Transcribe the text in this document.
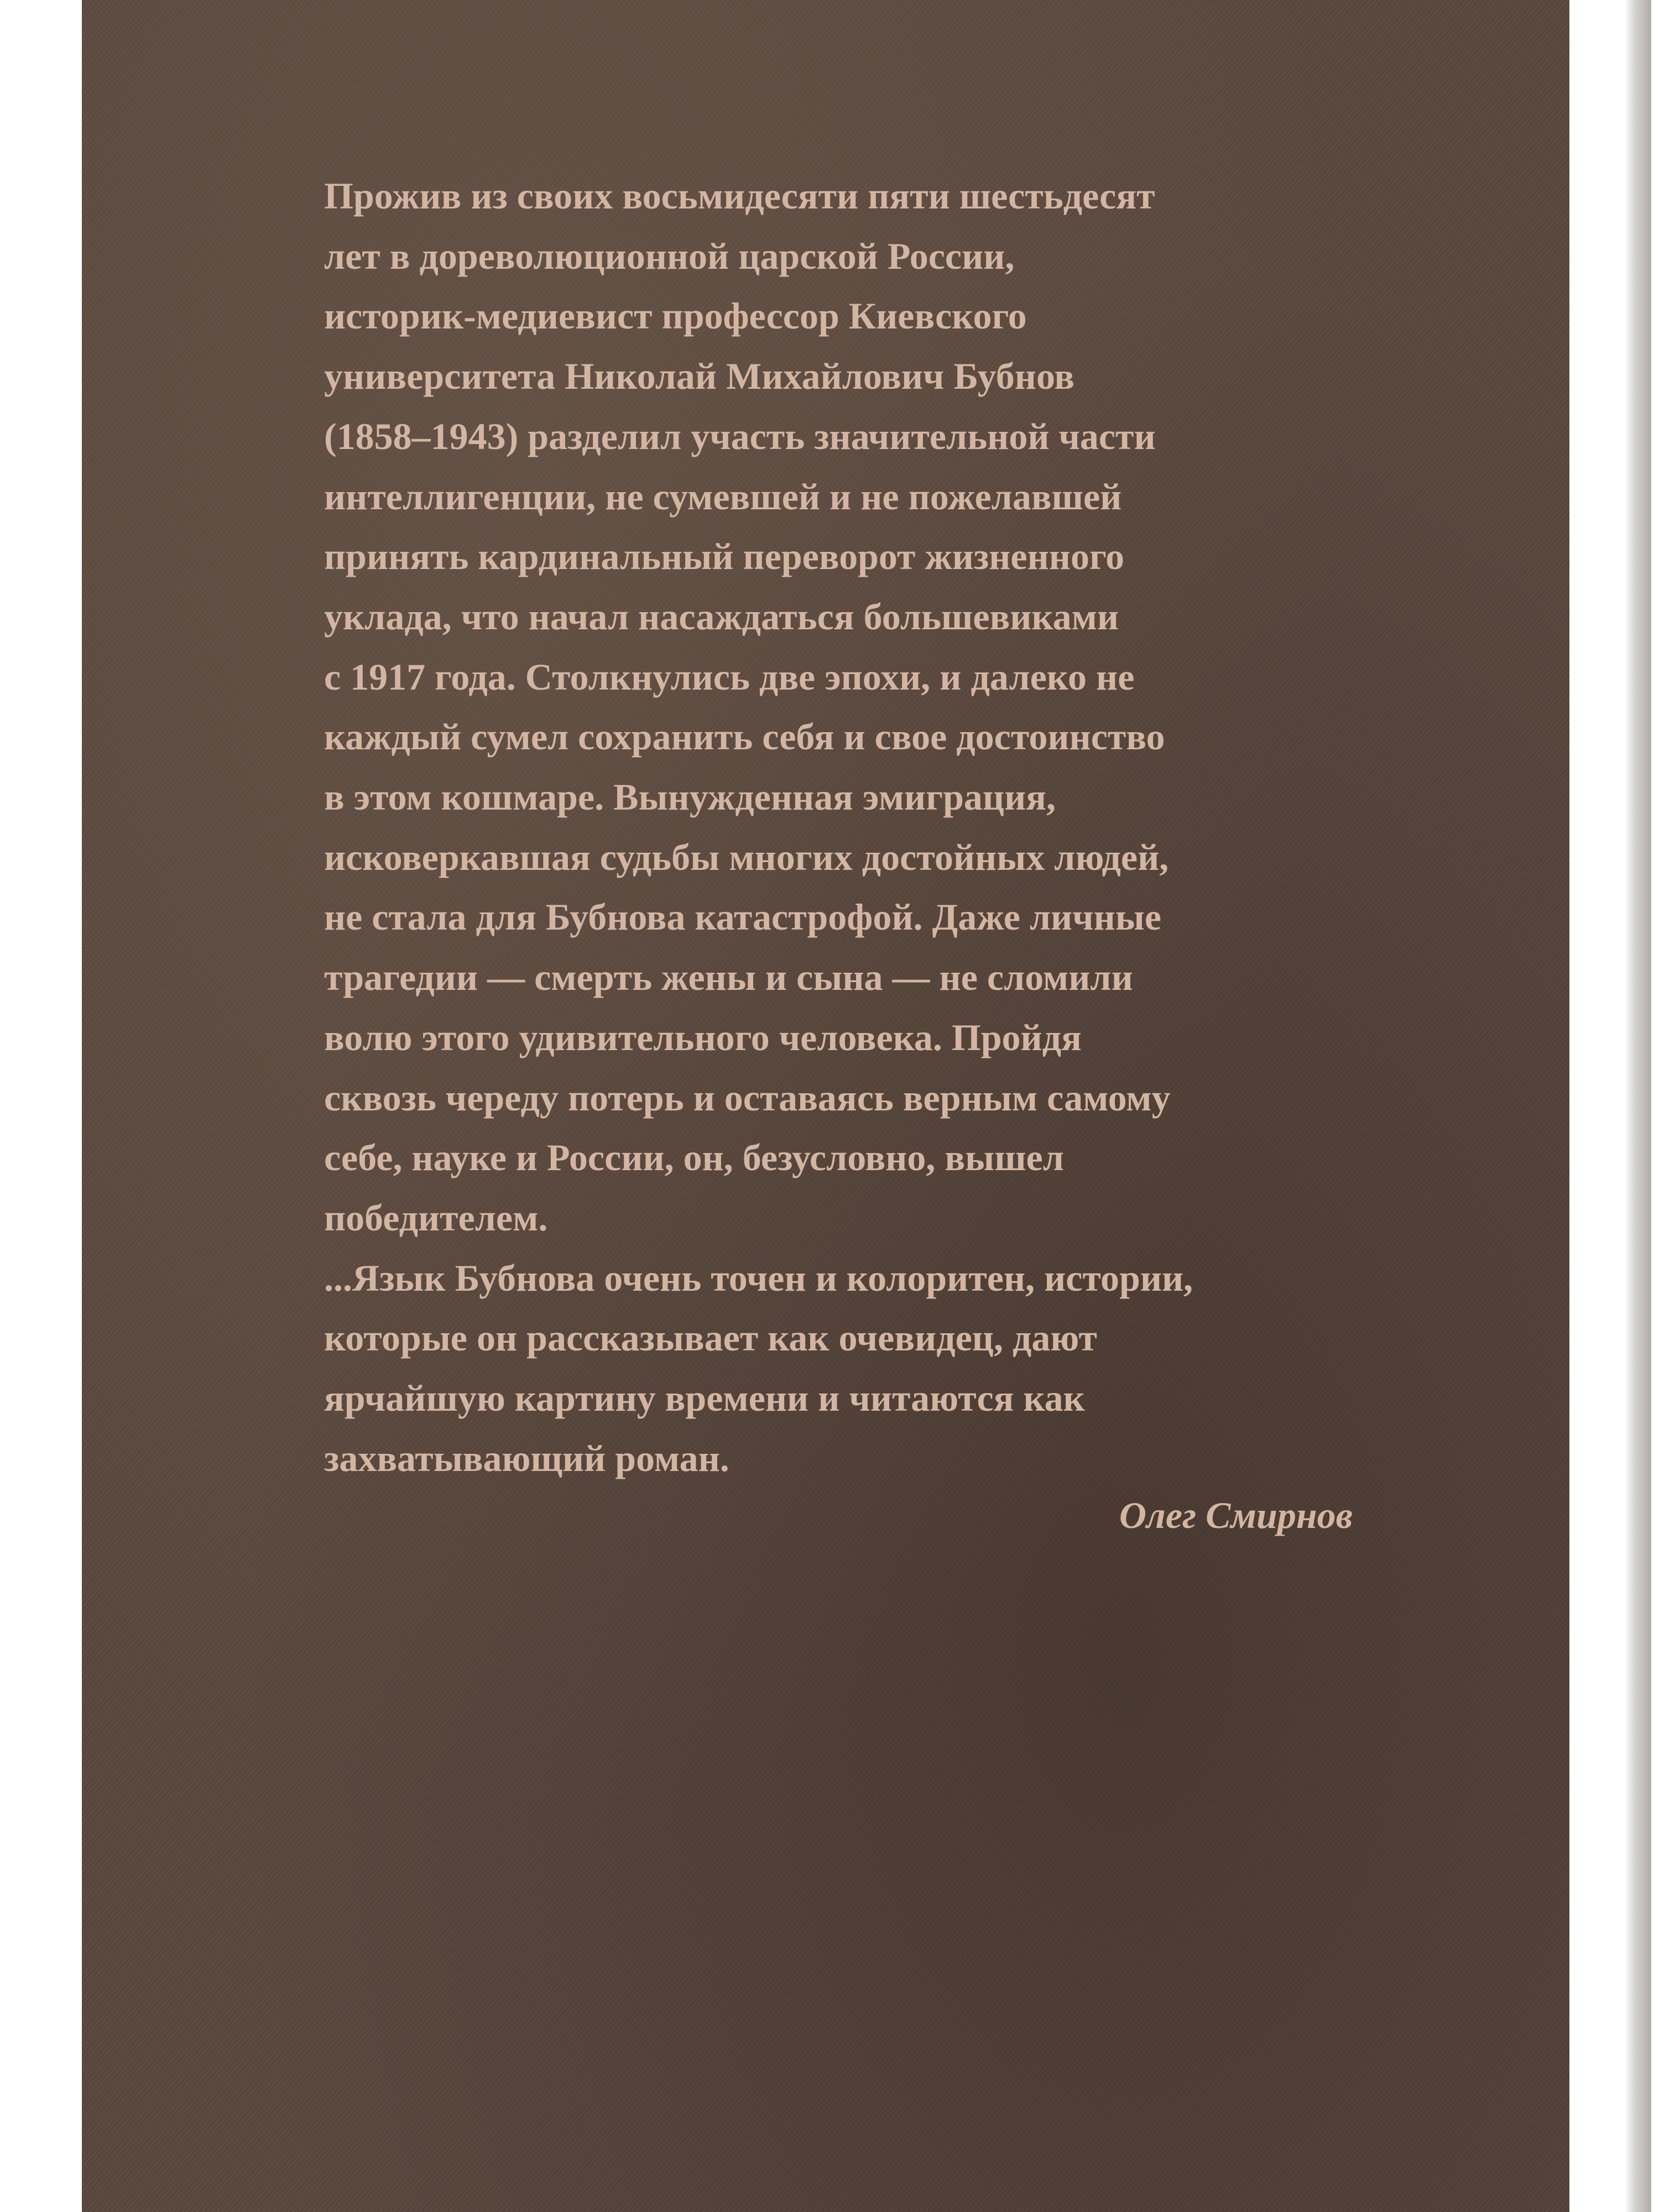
Прожив из своих восьмидесяти пяти шестьдесят
лет в дореволюционной царской России,
историк-медиевист профессор Киевского
университета Николай Михайлович Бубнов
(1858–1943) разделил участь значительной части
интеллигенции, не сумевшей и не пожелавшей
принять кардинальный переворот жизненного
уклада, что начал насаждаться большевиками
с 1917 года. Столкнулись две эпохи, и далеко не
каждый сумел сохранить себя и свое достоинство
в этом кошмаре. Вынужденная эмиграция,
исковеркавшая судьбы многих достойных людей,
не стала для Бубнова катастрофой. Даже личные
трагедии — смерть жены и сына — не сломили
волю этого удивительного человека. Пройдя
сквозь череду потерь и оставаясь верным самому
себе, науке и России, он, безусловно, вышел
победителем.
...Язык Бубнова очень точен и колоритен, истории,
которые он рассказывает как очевидец, дают
ярчайшую картину времени и читаются как
захватывающий роман.

Олег Смирнов
